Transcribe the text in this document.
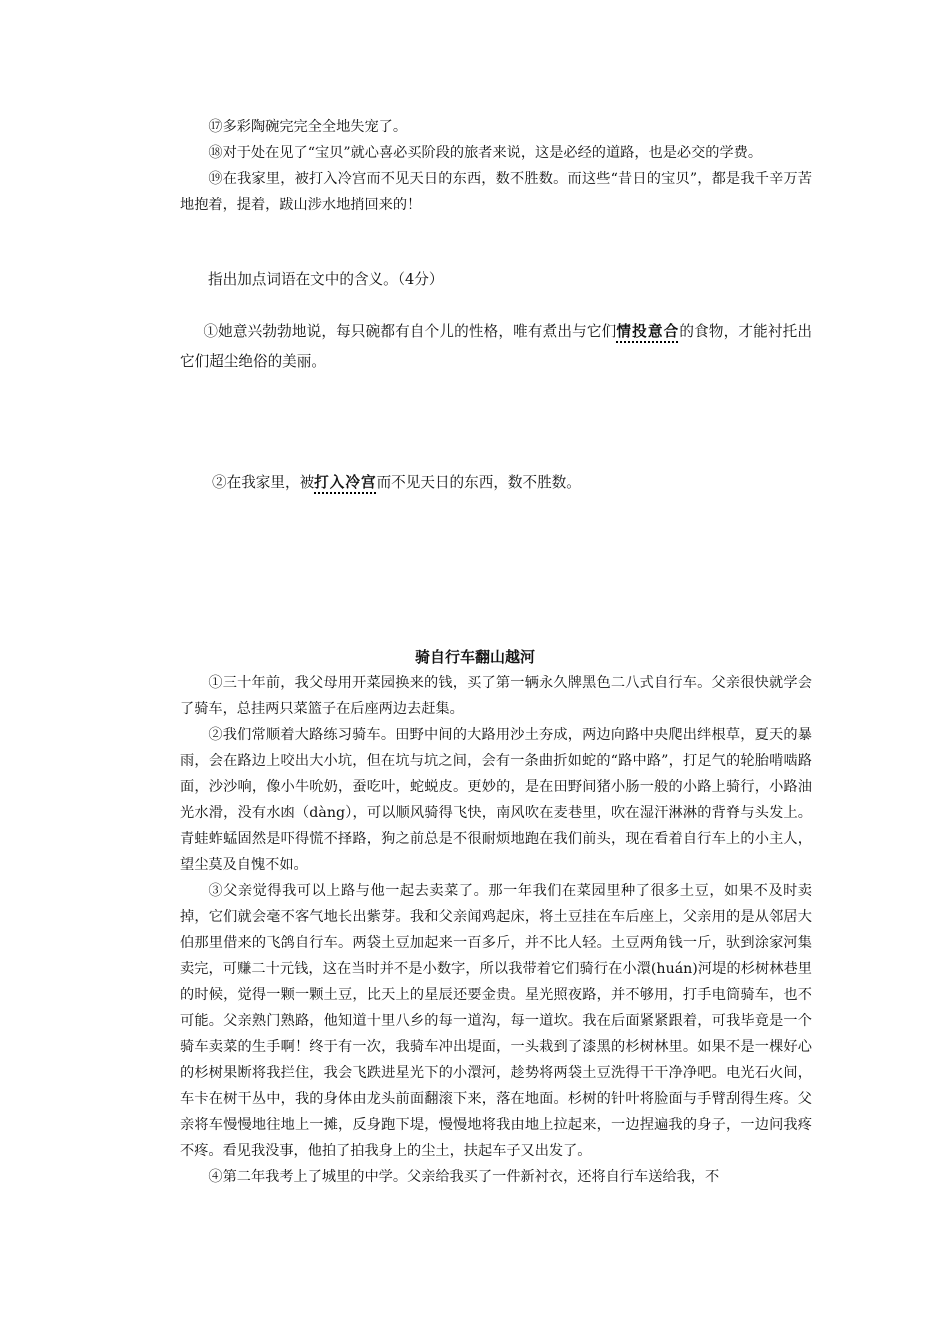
⑰多彩陶碗完完全全地失宠了。

⑱对于处在见了“宝贝”就心喜必买阶段的旅者来说，这是必经的道路，也是必交的学费。

⑲在我家里，被打入冷宫而不见天日的东西，数不胜数。而这些“昔日的宝贝”，都是我千辛万苦地抱着，提着，跋山涉水地捎回来的！

指出加点词语在文中的含义。（4分）

①她意兴勃勃地说，每只碗都有自个儿的性格，唯有煮出与它们情投意合的食物，才能衬托出它们超尘绝俗的美丽。

②在我家里，被打入冷宫而不见天日的东西，数不胜数。
骑自行车翻山越河

①三十年前，我父母用开菜园换来的钱，买了第一辆永久牌黑色二八式自行车。父亲很快就学会了骑车，总挂两只菜篮子在后座两边去赶集。

②我们常顺着大路练习骑车。田野中间的大路用沙土夯成，两边向路中央爬出绊根草，夏天的暴雨，会在路边上咬出大小坑，但在坑与坑之间，会有一条曲折如蛇的“路中路”，打足气的轮胎啃啮路面，沙沙响，像小牛吮奶，蚕吃叶，蛇蜕皮。更妙的，是在田野间猪小肠一般的小路上骑行，小路油光水滑，没有水凼（dàng），可以顺风骑得飞快，南风吹在麦巷里，吹在湿汗淋淋的背脊与头发上。青蛙蚱蜢固然是吓得慌不择路，狗之前总是不很耐烦地跑在我们前头，现在看着自行车上的小主人，望尘莫及自愧不如。

③父亲觉得我可以上路与他一起去卖菜了。那一年我们在菜园里种了很多土豆，如果不及时卖掉，它们就会毫不客气地长出紫芽。我和父亲闻鸡起床，将土豆挂在车后座上，父亲用的是从邻居大伯那里借来的飞鸽自行车。两袋土豆加起来一百多斤，并不比人轻。土豆两角钱一斤，驮到涂家河集卖完，可赚二十元钱，这在当时并不是小数字，所以我带着它们骑行在小澴(huán)河堤的杉树林巷里的时候，觉得一颗一颗土豆，比天上的星辰还要金贵。星光照夜路，并不够用，打手电筒骑车，也不可能。父亲熟门熟路，他知道十里八乡的每一道沟，每一道坎。我在后面紧紧跟着，可我毕竟是一个骑车卖菜的生手啊！终于有一次，我骑车冲出堤面，一头栽到了漆黑的杉树林里。如果不是一棵好心的杉树果断将我拦住，我会飞跌进星光下的小澴河，趁势将两袋土豆洗得干干净净吧。电光石火间，车卡在树干丛中，我的身体由龙头前面翻滚下来，落在地面。杉树的针叶将脸面与手臂刮得生疼。父亲将车慢慢地往地上一摊，反身跑下堤，慢慢地将我由地上拉起来，一边捏遍我的身子，一边问我疼不疼。看见我没事，他拍了拍我身上的尘土，扶起车子又出发了。

④第二年我考上了城里的中学。父亲给我买了一件新衬衣，还将自行车送给我，不
